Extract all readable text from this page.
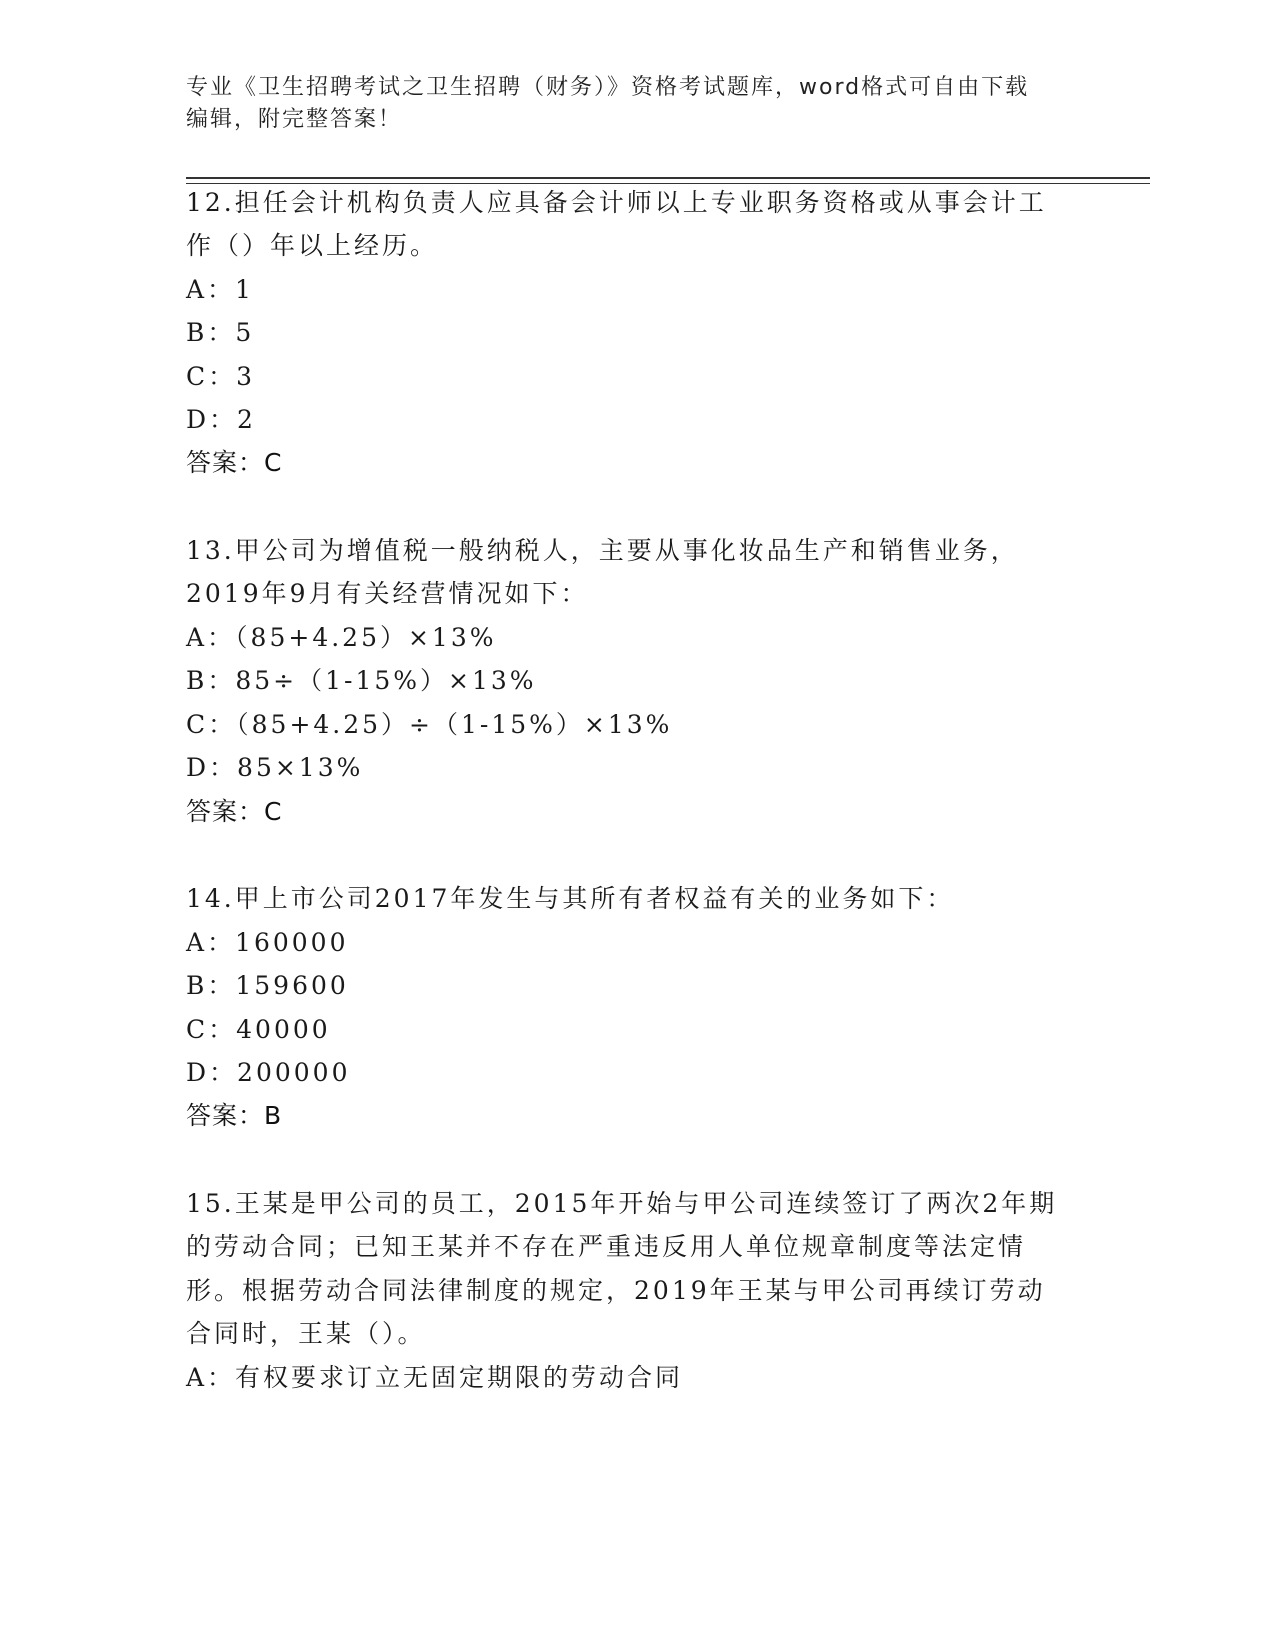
专业《卫生招聘考试之卫生招聘（财务）》资格考试题库，word格式可自由下载
编辑，附完整答案！
12.担任会计机构负责人应具备会计师以上专业职务资格或从事会计工
作（）年以上经历。
A：1
B：5
C：3
D：2
答案：C
13.甲公司为增值税一般纳税人，主要从事化妆品生产和销售业务，
2019年9月有关经营情况如下：
A：（85+4.25）×13%
B：85÷（1-15%）×13%
C：（85+4.25）÷（1-15%）×13%
D：85×13%
答案：C
14.甲上市公司2017年发生与其所有者权益有关的业务如下：
A：160000
B：159600
C：40000
D：200000
答案：B
15.王某是甲公司的员工，2015年开始与甲公司连续签订了两次2年期
的劳动合同；已知王某并不存在严重违反用人单位规章制度等法定情
形。根据劳动合同法律制度的规定，2019年王某与甲公司再续订劳动
合同时，王某（）。
A：有权要求订立无固定期限的劳动合同
